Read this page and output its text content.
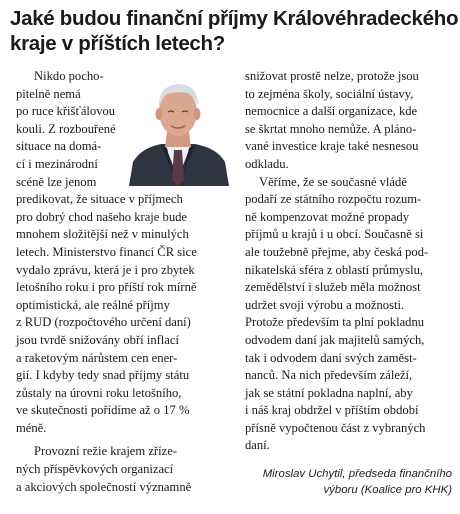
Jaké budou finanční příjmy Královéhradeckého
kraje v příštích letech?
Nikdo pocho-
pitelně nemá
po ruce křišťálovou
kouli. Z rozbouřené
situace na domá-
cí i mezinárodní
scéně lze jenom
predikovat, že situace v příjmech
pro dobrý chod našeho kraje bude
mnohem složitější než v minulých
letech. Ministerstvo financí ČR sice
vydalo zprávu, která je i pro zbytek
letošního roku i pro příští rok mírně
optimistická, ale reálné příjmy
z RUD (rozpočtového určení daní)
jsou tvrdě snižovány obří inflací
a raketovým nárůstem cen ener-
gií. I kdyby tedy snad příjmy státu
zůstaly na úrovni roku letošního,
ve skutečnosti pořídíme až o 17 %
méně.
Provozní režie krajem zřízе-
ných příspěvkových organizací
a akciových společností významně
snižovat prostě nelze, protože jsou
to zejména školy, sociální ústavy,
nemocnice a další organizace, kde
se škrtat mnoho nemůže. A pláno-
vané investice kraje také nesnesou
odkladu.
Věříme, že se současné vládě
podaří ze státního rozpočtu rozum-
ně kompenzovat možné propady
příjmů u krajů i u obcí. Současně si
ale toužebně přejme, aby česká pod-
nikatelská sféra z oblastí průmyslu,
zemědělství i služeb měla možnost
udržet svoji výrobu a možnosti.
Protože především ta plní pokladnu
odvodem daní jak majitelů samých,
tak i odvodem daní svých zaměst-
nanců. Na nich především záleží,
jak se státní pokladna naplní, aby
i náš kraj obdržel v příštím období
přísně vypočtenou část z vybraných
daní.
Miroslav Uchytil, předseda finančního
výboru (Koalice pro KHK)
